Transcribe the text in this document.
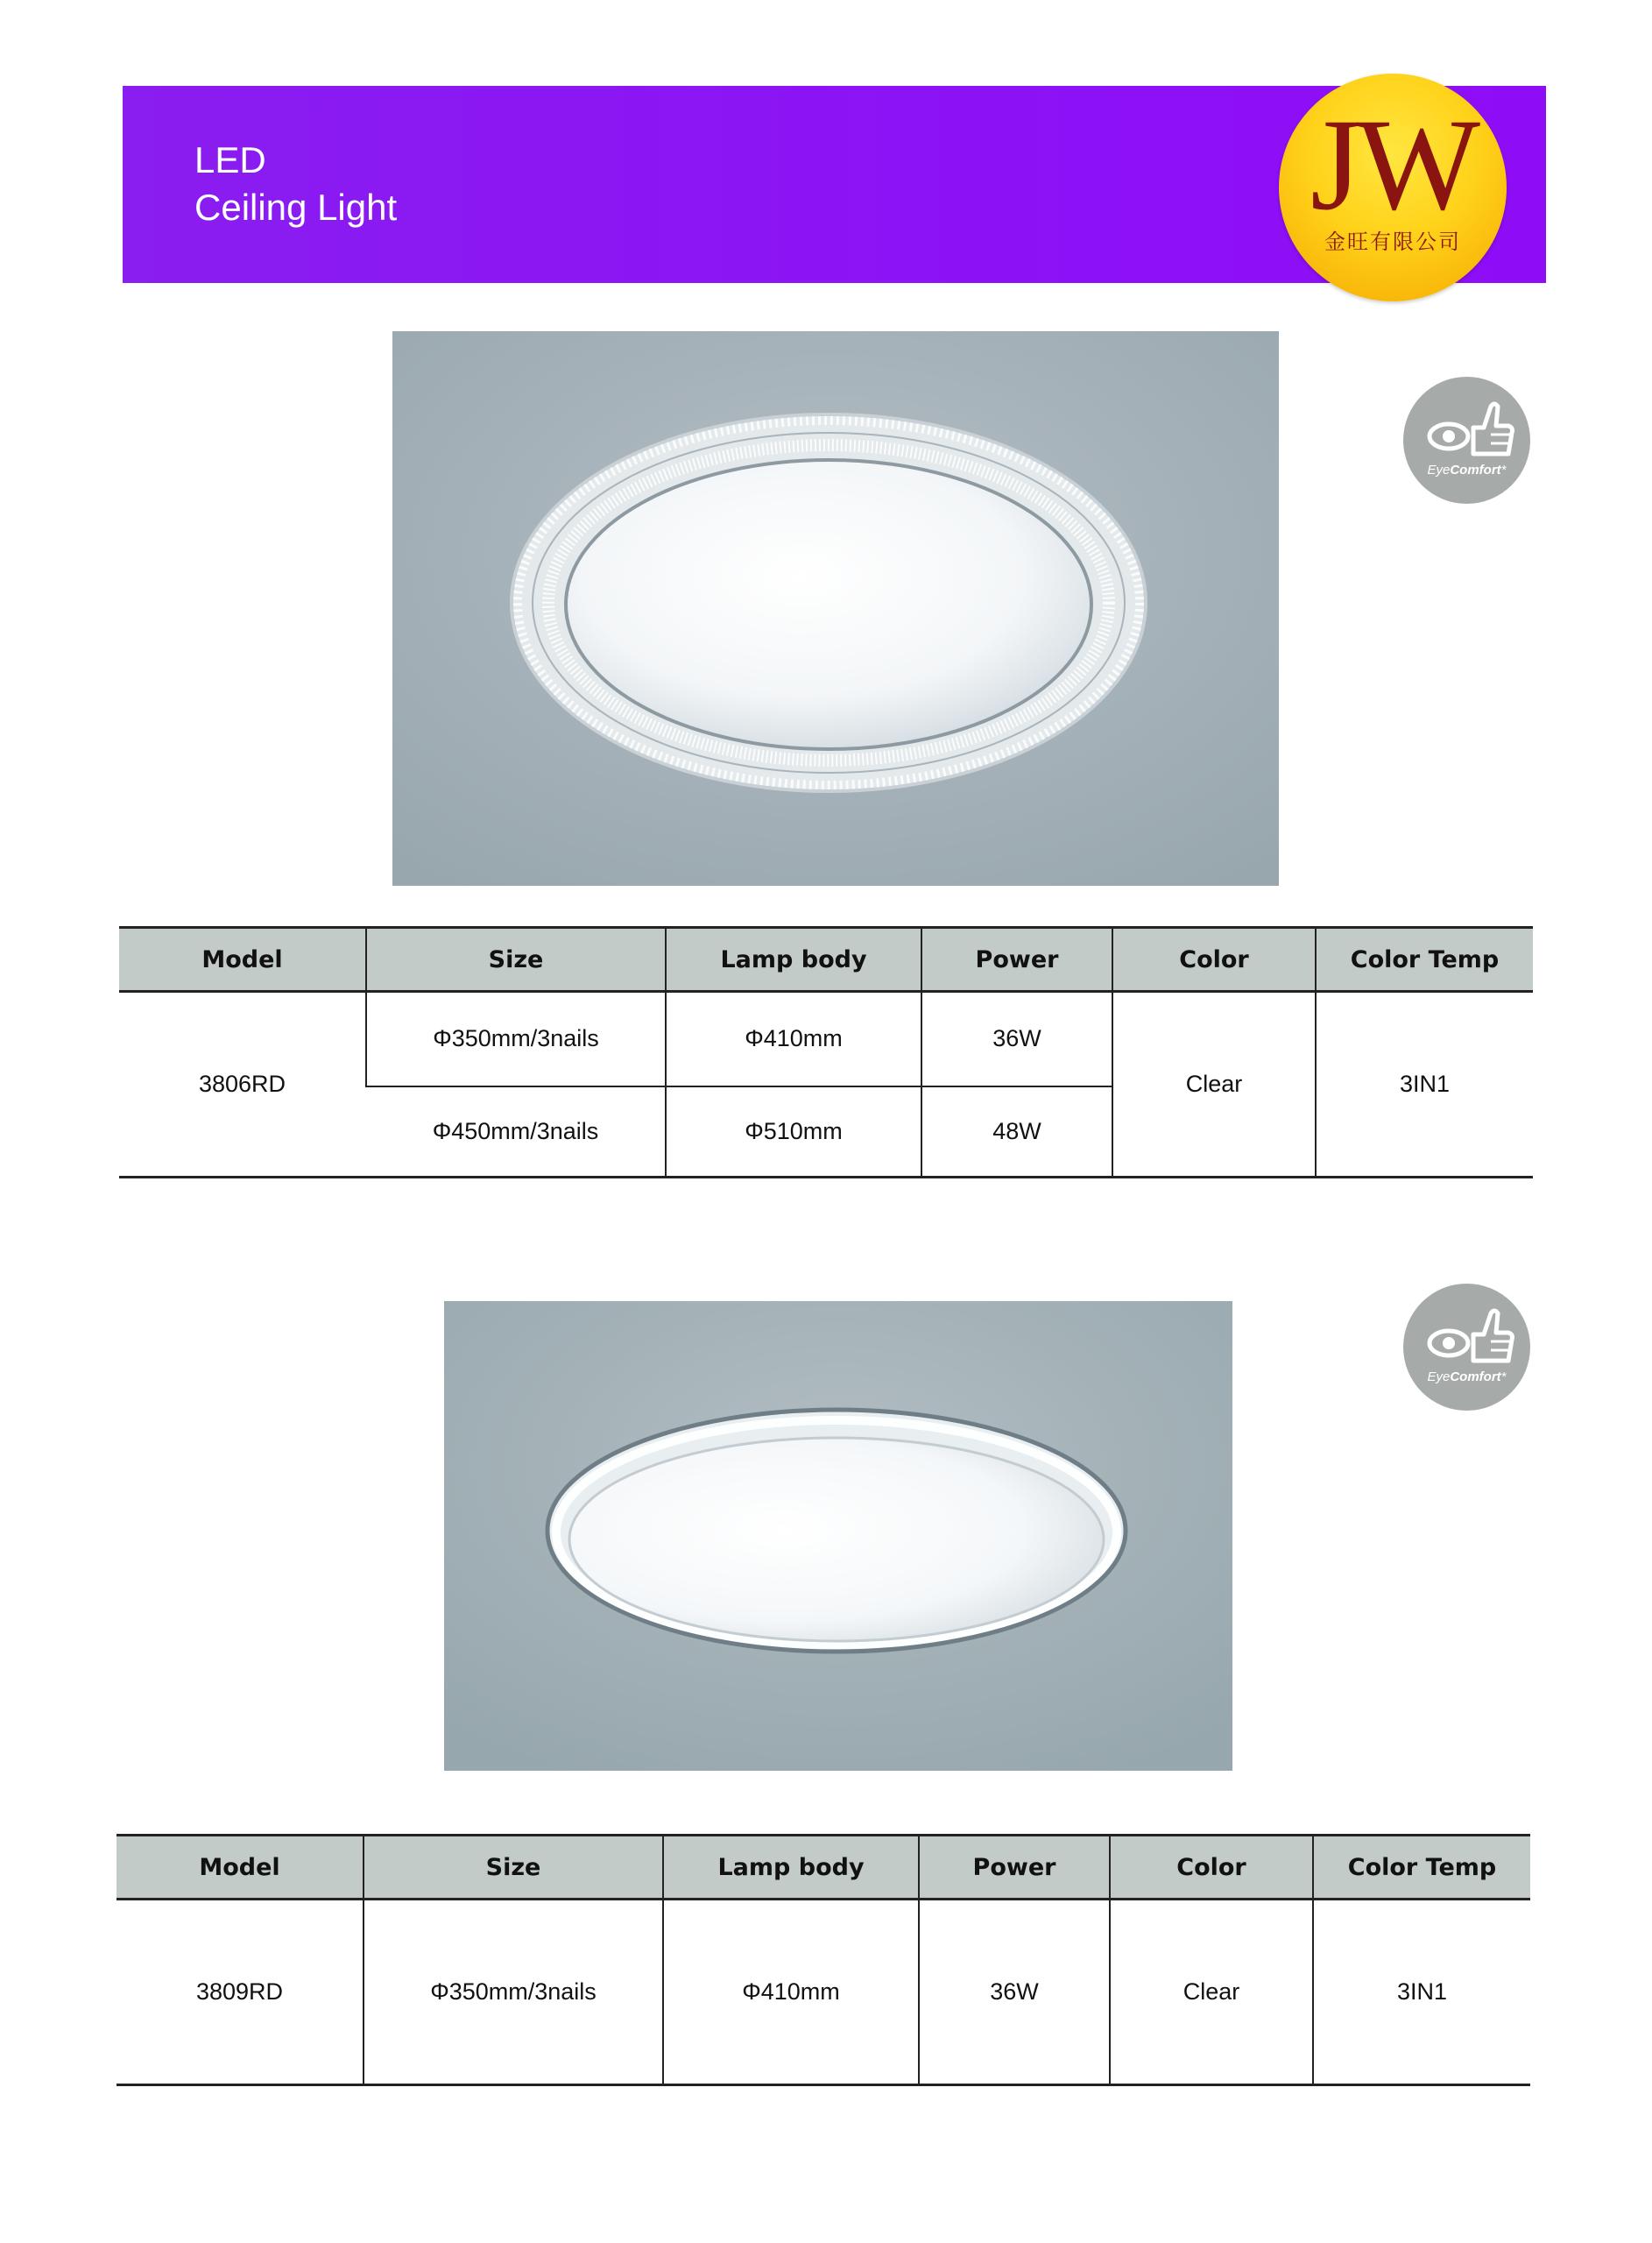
LED
Ceiling Light	JW
金旺有限公司
EyeComfort*
Model	Size	Lamp body	Power	Color	Color Temp
3806RD	Φ350mm/3nails	Φ410mm	36W	Clear	3IN1
	Φ450mm/3nails	Φ510mm	48W		
EyeComfort*
Model	Size	Lamp body	Power	Color	Color Temp
3809RD	Φ350mm/3nails	Φ410mm	36W	Clear	3IN1
